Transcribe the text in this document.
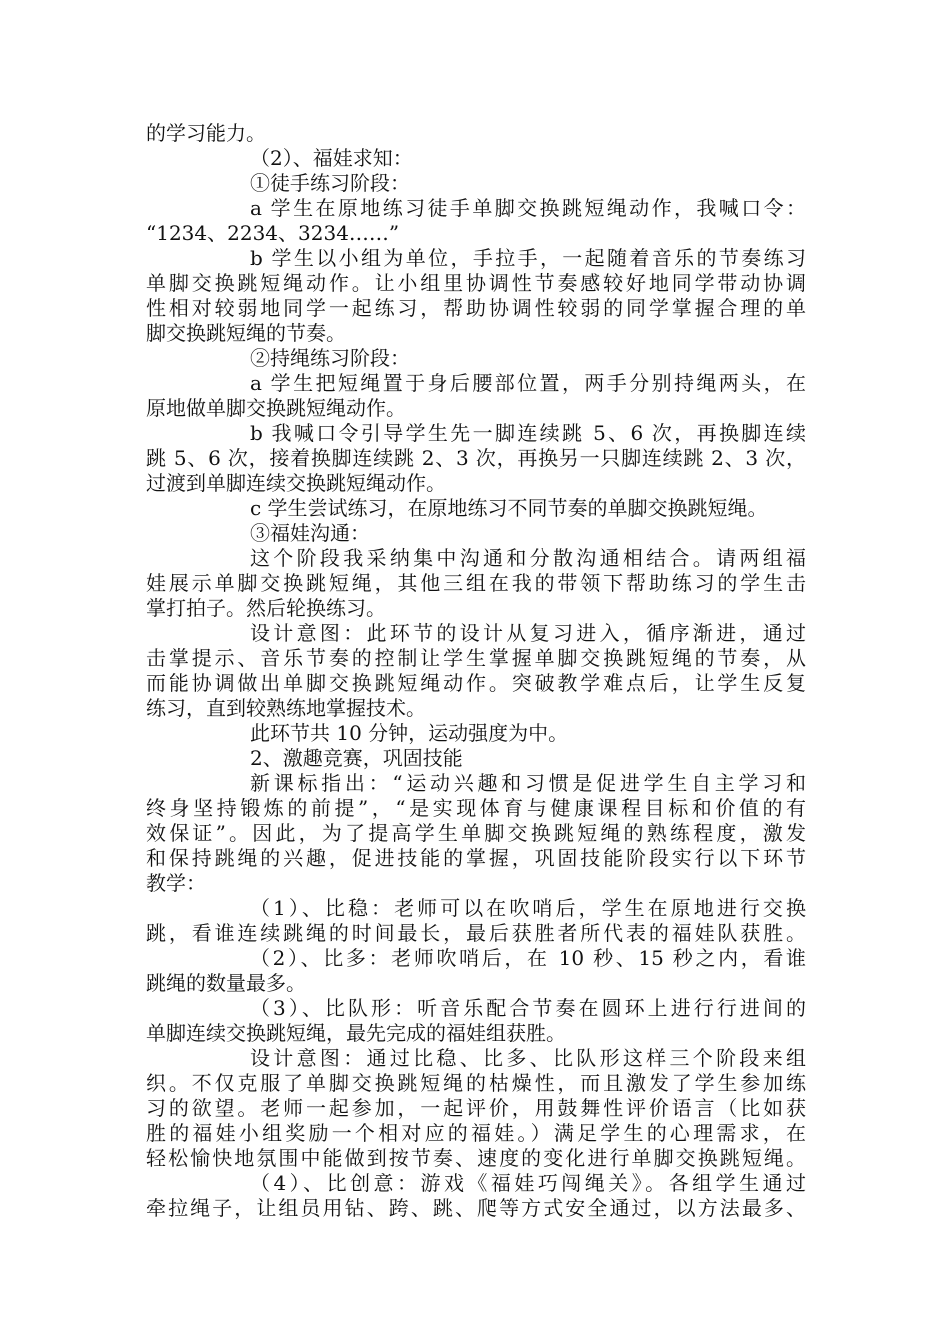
的学习能力。
（2）、福娃求知：
①徒手练习阶段：
a 学生在原地练习徒手单脚交换跳短绳动作，我喊口令：
“1234、2234、3234……”
b 学生以小组为单位，手拉手，一起随着音乐的节奏练习
单脚交换跳短绳动作。让小组里协调性节奏感较好地同学带动协调
性相对较弱地同学一起练习，帮助协调性较弱的同学掌握合理的单
脚交换跳短绳的节奏。
②持绳练习阶段：
a 学生把短绳置于身后腰部位置，两手分别持绳两头，在
原地做单脚交换跳短绳动作。
b 我喊口令引导学生先一脚连续跳 5、6 次，再换脚连续
跳 5、6 次，接着换脚连续跳 2、3 次，再换另一只脚连续跳 2、3 次，
过渡到单脚连续交换跳短绳动作。
c 学生尝试练习，在原地练习不同节奏的单脚交换跳短绳。
③福娃沟通：
这个阶段我采纳集中沟通和分散沟通相结合。请两组福
娃展示单脚交换跳短绳，其他三组在我的带领下帮助练习的学生击
掌打拍子。然后轮换练习。
设计意图：此环节的设计从复习进入，循序渐进，通过
击掌提示、音乐节奏的控制让学生掌握单脚交换跳短绳的节奏，从
而能协调做出单脚交换跳短绳动作。突破教学难点后，让学生反复
练习，直到较熟练地掌握技术。
此环节共 10 分钟，运动强度为中。
2、激趣竞赛，巩固技能
新课标指出：“运动兴趣和习惯是促进学生自主学习和
终身坚持锻炼的前提”，“是实现体育与健康课程目标和价值的有
效保证”。因此，为了提高学生单脚交换跳短绳的熟练程度，激发
和保持跳绳的兴趣，促进技能的掌握，巩固技能阶段实行以下环节
教学：
（1）、比稳：老师可以在吹哨后，学生在原地进行交换
跳，看谁连续跳绳的时间最长，最后获胜者所代表的福娃队获胜。
（2）、比多：老师吹哨后，在 10 秒、15 秒之内，看谁
跳绳的数量最多。
（3）、比队形：听音乐配合节奏在圆环上进行行进间的
单脚连续交换跳短绳，最先完成的福娃组获胜。
设计意图：通过比稳、比多、比队形这样三个阶段来组
织。不仅克服了单脚交换跳短绳的枯燥性，而且激发了学生参加练
习的欲望。老师一起参加，一起评价，用鼓舞性评价语言（比如获
胜的福娃小组奖励一个相对应的福娃。）满足学生的心理需求，在
轻松愉快地氛围中能做到按节奏、速度的变化进行单脚交换跳短绳。
（4）、比创意：游戏《福娃巧闯绳关》。各组学生通过
牵拉绳子，让组员用钻、跨、跳、爬等方式安全通过，以方法最多、
